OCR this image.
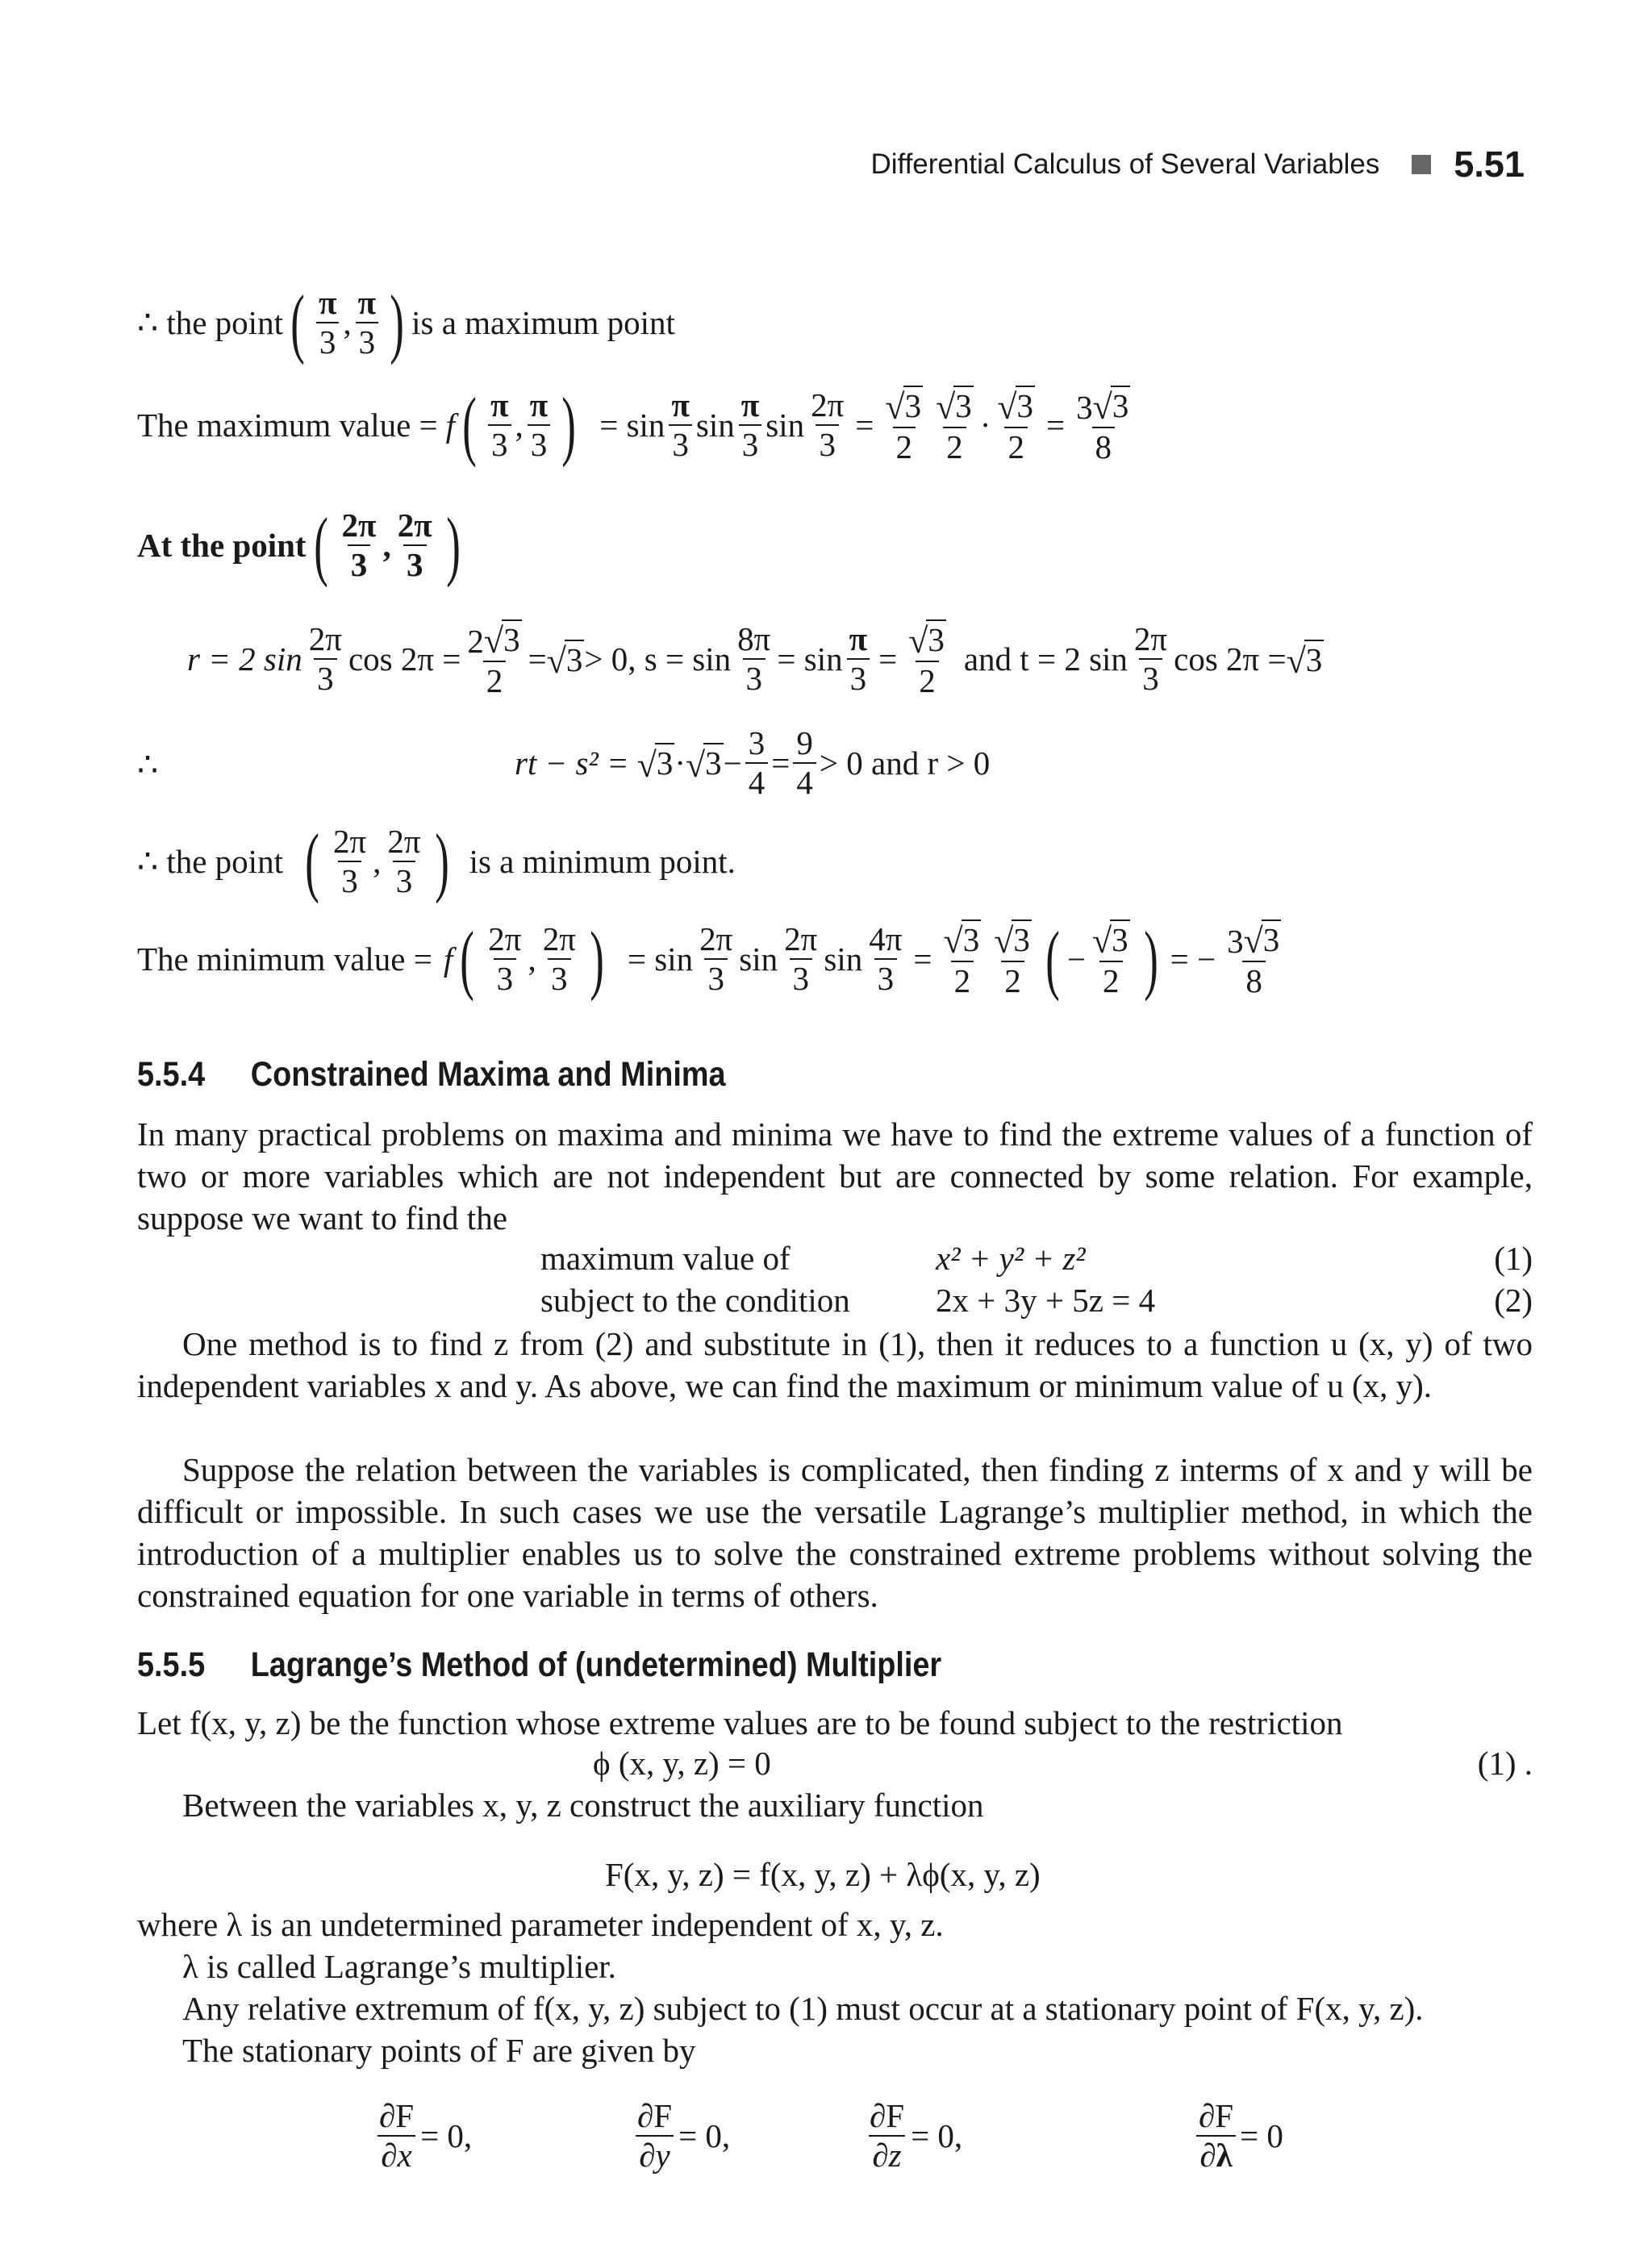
Differential Calculus of Several Variables 5.51
∴ the point ( $\frac{\pi}{3}$ , $\frac{\pi}{3}$ ) is a maximum point
The maximum value = f ( $\frac{\pi}{3}$ , $\frac{\pi}{3}$ ) = $\sin \frac{\pi}{3}$ $\sin \frac{\pi}{3}$ $\sin \frac{2\pi}{3} = \frac{√ 3}{2} \frac{√ 3}{2} \cdot \frac{√ 3}{2} = \frac{3 √ 3}{8}$
At the point ( $\frac{2\pi}{3}$ , $\frac{2\pi}{3}$ )
r = 2 $\sin \frac{2\pi}{3}$ $\cos 2\pi = \frac{2 √ 3}{2}$ = √ 3 > 0, $s = \sin \frac{8\pi}{3} = \sin \frac{\pi}{3} = \frac{√ 3}{2}$ and t = 2 $\sin \frac{2\pi}{3}$ cos 2π = √ 3
∴	rt − s² = √ 3 · √ $3 - \frac{3}{4} = \frac{9}{4} > 0$ and r > 0
∴ the point ( $\frac{2\pi}{3}$ , $\frac{2\pi}{3}$ ) is a minimum point.
The minimum value = f ( $\frac{2\pi}{3}$ , $\frac{2\pi}{3}$ ) = $\sin \frac{2\pi}{3}$ $\sin \frac{2\pi}{3}$ $\sin \frac{4\pi}{3} = \frac{√ 3}{2} \frac{√ 3}{2}$ ( − $\frac{√ 3}{2}$ ) = − $\frac{3 √ 3}{8}$
5.5.4 Constrained Maxima and Minima
In many practical problems on maxima and minima we have to find the extreme values of a function of two or more variables which are not independent but are connected by some relation. For example, suppose we want to find the
maximum value of	x² + y² + z²	(1)
subject to the condition	2x + 3y + 5z = 4	(2)
One method is to find z from (2) and substitute in (1), then it reduces to a function u (x, y) of two independent variables x and y. As above, we can find the maximum or minimum value of u (x, y).
Suppose the relation between the variables is complicated, then finding z interms of x and y will be difficult or impossible. In such cases we use the versatile Lagrange’s multiplier method, in which the introduction of a multiplier enables us to solve the constrained extreme problems without solving the constrained equation for one variable in terms of others.
5.5.5 Lagrange’s Method of (undetermined) Multiplier
Let f(x, y, z) be the function whose extreme values are to be found subject to the restriction
ϕ (x, y, z) = 0	(1) .
Between the variables x, y, z construct the auxiliary function
F(x, y, z) = f(x, y, z) + λϕ(x, y, z)
where λ is an undetermined parameter independent of x, y, z.
λ is called Lagrange’s multiplier.
Any relative extremum of f(x, y, z) subject to (1) must occur at a stationary point of F(x, y, z).
The stationary points of F are given by
$\frac{\partial F}{\partial x} = 0$,	$\frac{\partial F}{\partial y} = 0$,	$\frac{\partial F}{\partial z} = 0$,	$\frac{\partial F}{\partial\lambda} = 0$
